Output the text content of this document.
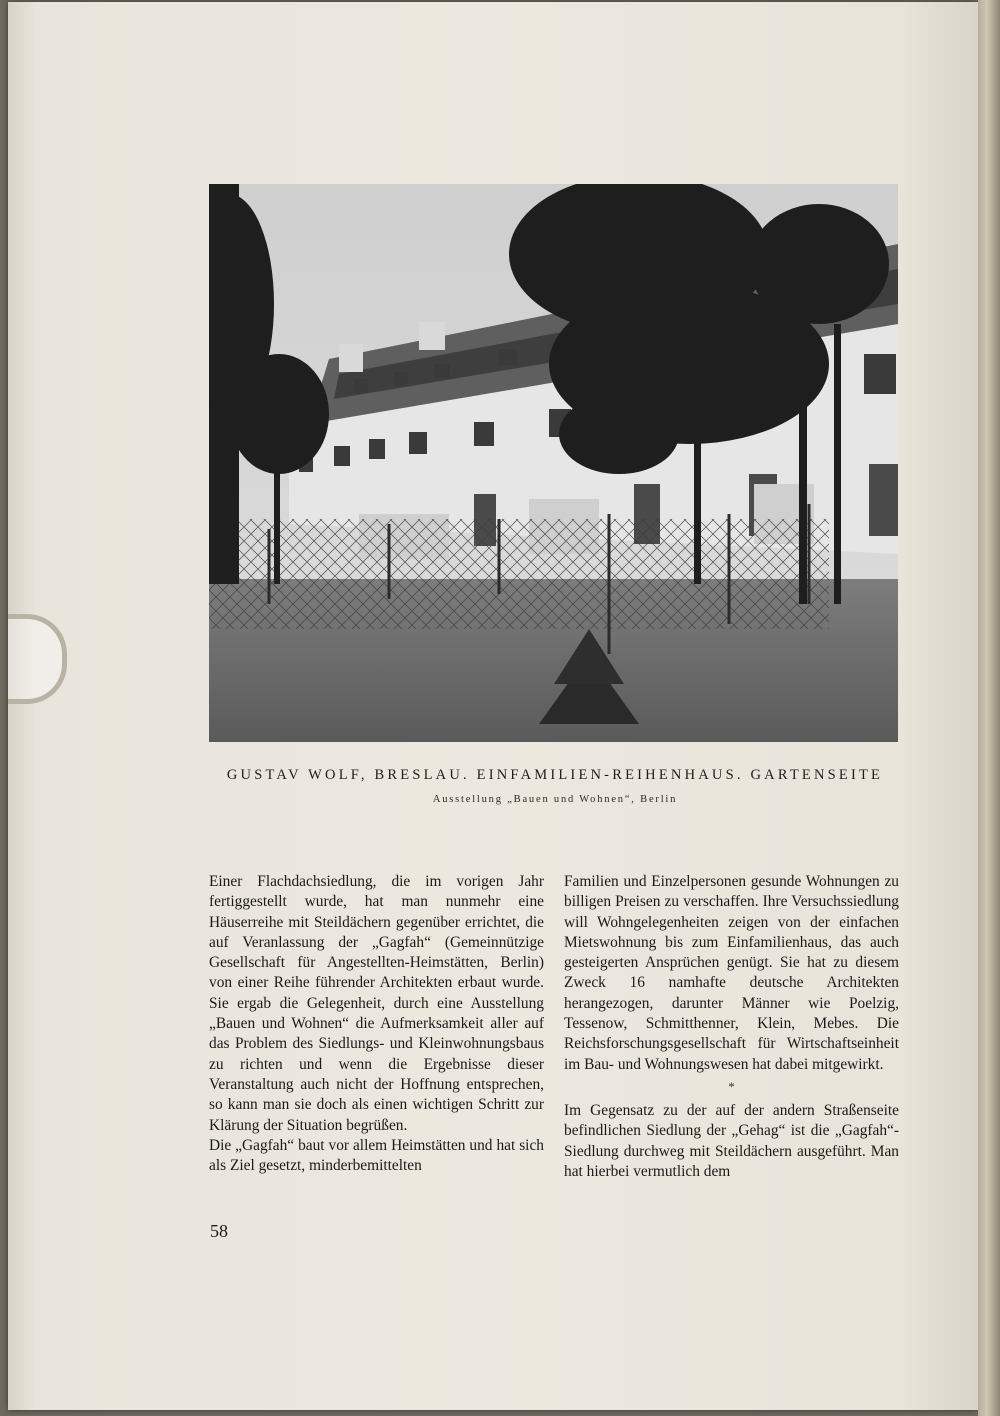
GUSTAV WOLF, BRESLAU. EINFAMILIEN-REIHENHAUS. GARTENSEITE
Ausstellung „Bauen und Wohnen“, Berlin

Einer Flachdachsiedlung, die im vorigen Jahr fertiggestellt wurde, hat man nunmehr eine Häuserreihe mit Steildächern gegenüber errichtet, die auf Veranlassung der „Gagfah“ (Gemeinnützige Gesellschaft für Angestellten-Heimstätten, Berlin) von einer Reihe führender Architekten erbaut wurde. Sie ergab die Gelegenheit, durch eine Ausstellung „Bauen und Wohnen“ die Aufmerksamkeit aller auf das Problem des Siedlungs- und Kleinwohnungsbaus zu richten und wenn die Ergebnisse dieser Veranstaltung auch nicht der Hoffnung entsprechen, so kann man sie doch als einen wichtigen Schritt zur Klärung der Situation begrüßen.

Die „Gagfah“ baut vor allem Heimstätten und hat sich als Ziel gesetzt, minderbemittelten

Familien und Einzelpersonen gesunde Wohnungen zu billigen Preisen zu verschaffen. Ihre Versuchssiedlung will Wohngelegenheiten zeigen von der einfachen Mietswohnung bis zum Einfamilienhaus, das auch gesteigerten Ansprüchen genügt. Sie hat zu diesem Zweck 16 namhafte deutsche Architekten herangezogen, darunter Männer wie Poelzig, Tessenow, Schmitthenner, Klein, Mebes. Die Reichsforschungsgesellschaft für Wirtschaftseinheit im Bau- und Wohnungswesen hat dabei mitgewirkt.

*

Im Gegensatz zu der auf der andern Straßenseite befindlichen Siedlung der „Gehag“ ist die „Gagfah“-Siedlung durchweg mit Steildächern ausgeführt. Man hat hierbei vermutlich dem

58
